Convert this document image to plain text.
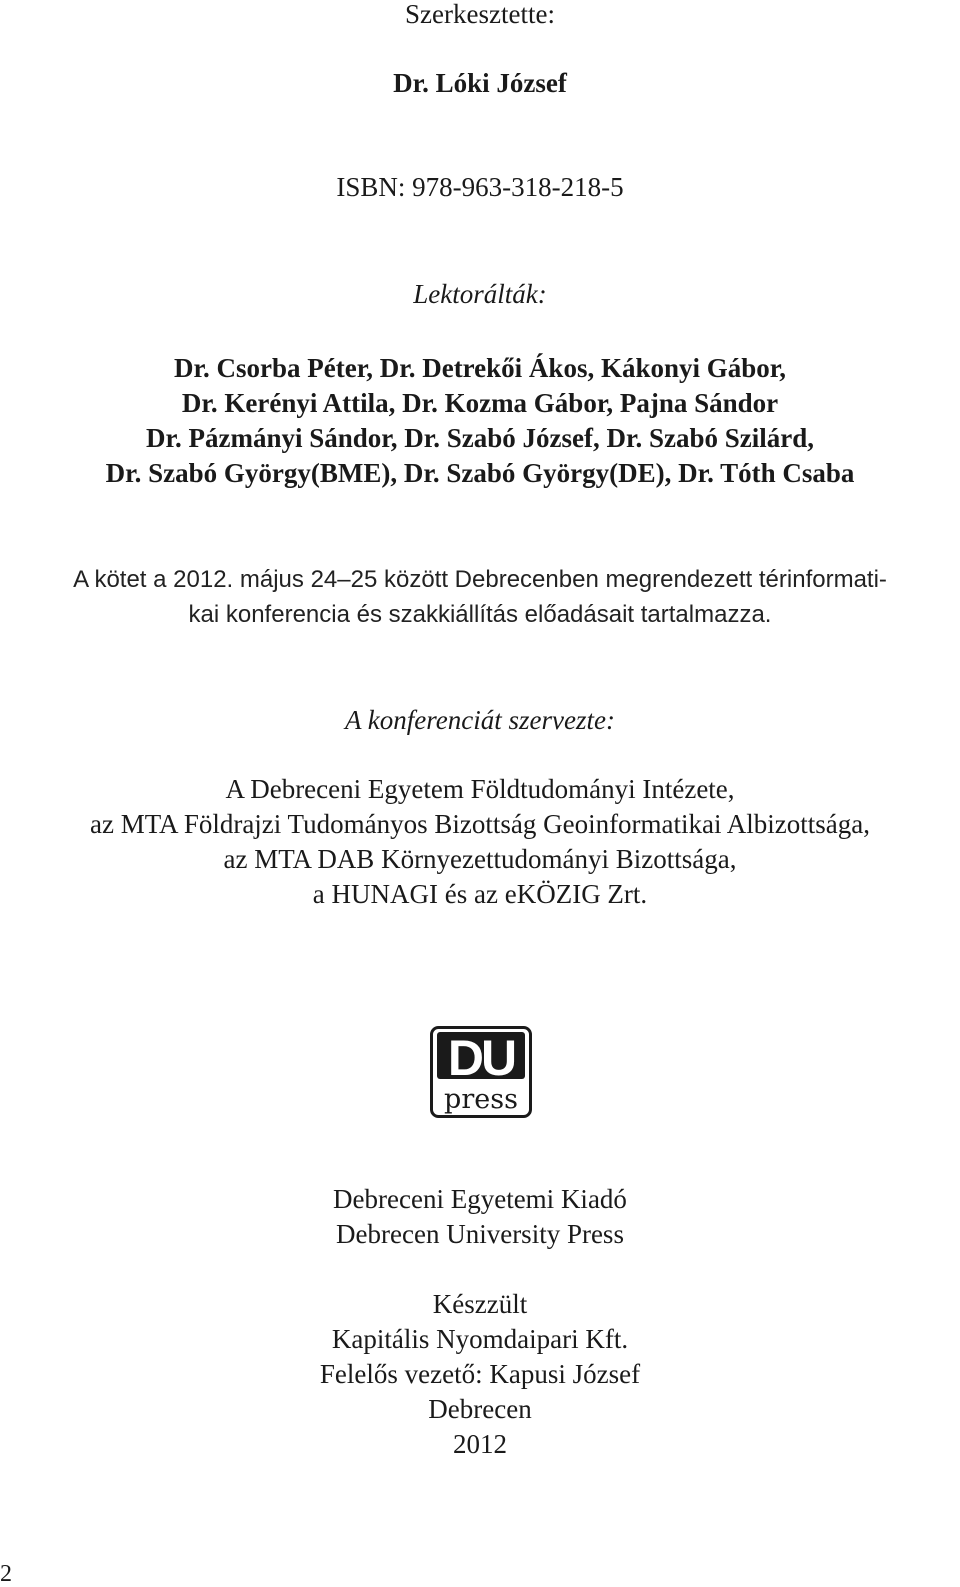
Szerkesztette:
Dr. Lóki József
ISBN: 978-963-318-218-5
Lektorálták:
Dr. Csorba Péter, Dr. Detrekői Ákos, Kákonyi Gábor,
Dr. Kerényi Attila, Dr. Kozma Gábor, Pajna Sándor
Dr. Pázmányi Sándor, Dr. Szabó József, Dr. Szabó Szilárd,
Dr. Szabó György(BME), Dr. Szabó György(DE), Dr. Tóth Csaba
A kötet a 2012. május 24–25 között Debrecenben megrendezett térinformati-
kai konferencia és szakkiállítás előadásait tartalmazza.
A konferenciát szervezte:
A Debreceni Egyetem Földtudományi Intézete,
az MTA Földrajzi Tudományos Bizottság Geoinformatikai Albizottsága,
az MTA DAB Környezettudományi Bizottsága,
a HUNAGI és az eKÖZIG Zrt.
DU
press
Debreceni Egyetemi Kiadó
Debrecen University Press
Készzült
Kapitális Nyomdaipari Kft.
Felelős vezető: Kapusi József
Debrecen
2012
2
